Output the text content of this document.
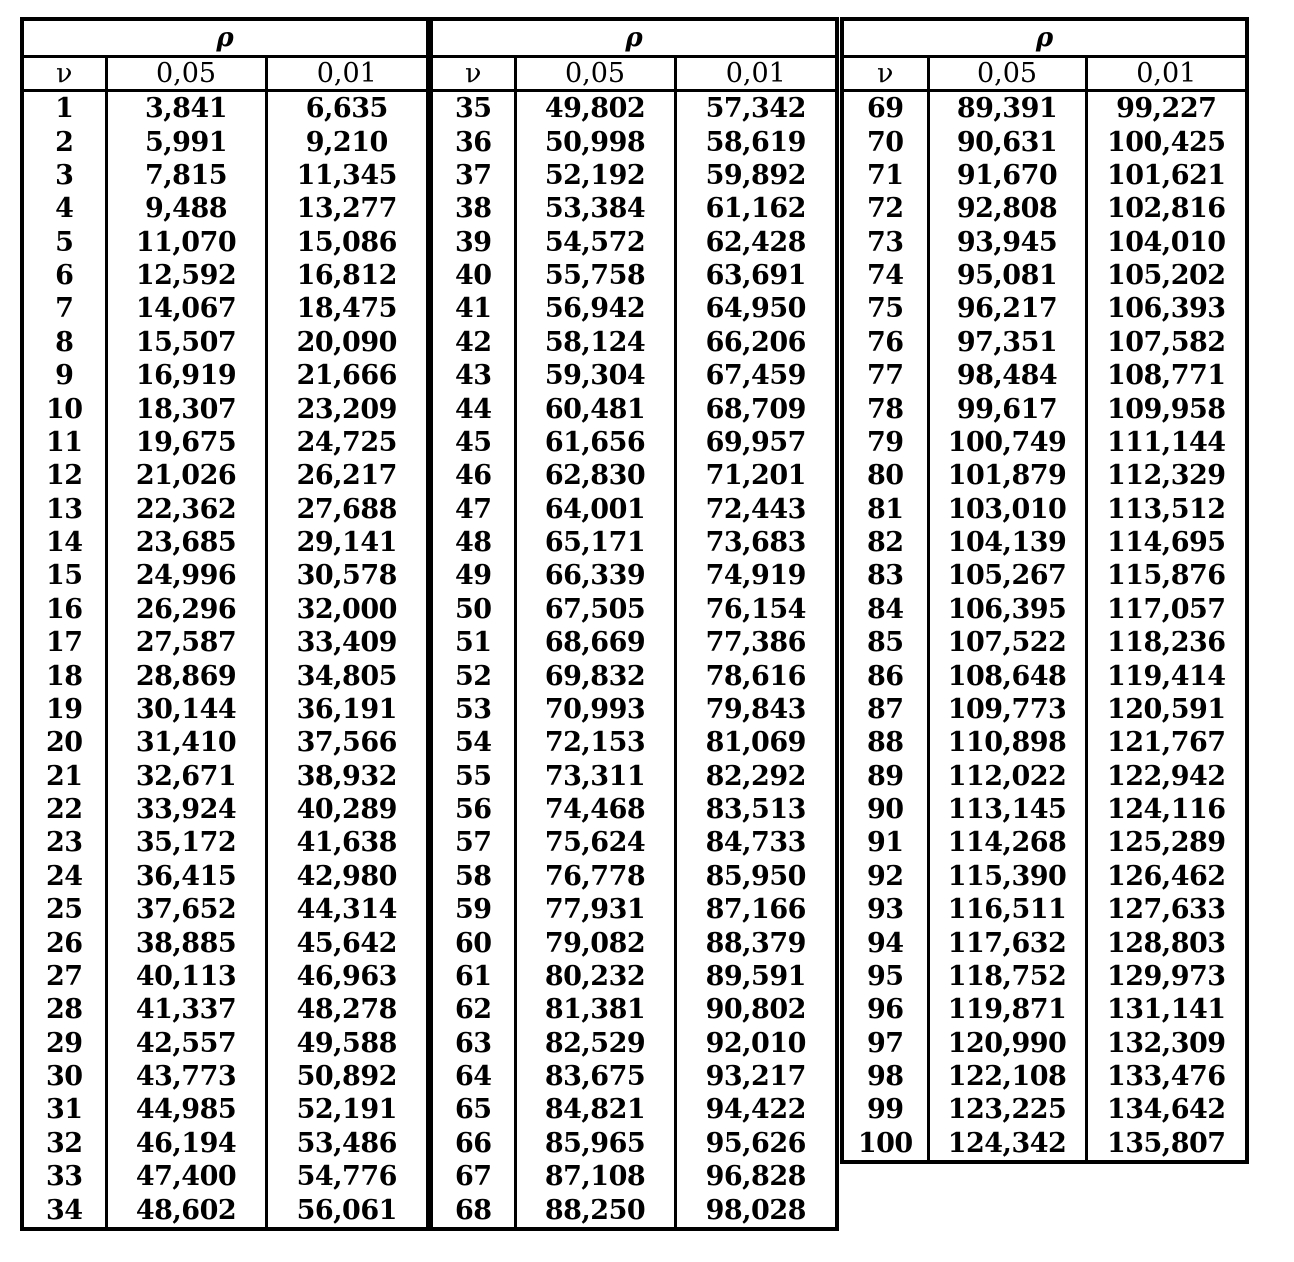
ρ		
ν	0,05	0,01
1	3,841	6,635
2	5,991	9,210
3	7,815	11,345
4	9,488	13,277
5	11,070	15,086
6	12,592	16,812
7	14,067	18,475
8	15,507	20,090
9	16,919	21,666
10	18,307	23,209
11	19,675	24,725
12	21,026	26,217
13	22,362	27,688
14	23,685	29,141
15	24,996	30,578
16	26,296	32,000
17	27,587	33,409
18	28,869	34,805
19	30,144	36,191
20	31,410	37,566
21	32,671	38,932
22	33,924	40,289
23	35,172	41,638
24	36,415	42,980
25	37,652	44,314
26	38,885	45,642
27	40,113	46,963
28	41,337	48,278
29	42,557	49,588
30	43,773	50,892
31	44,985	52,191
32	46,194	53,486
33	47,400	54,776
34	48,602	56,061
ρ		
ν	0,05	0,01
35	49,802	57,342
36	50,998	58,619
37	52,192	59,892
38	53,384	61,162
39	54,572	62,428
40	55,758	63,691
41	56,942	64,950
42	58,124	66,206
43	59,304	67,459
44	60,481	68,709
45	61,656	69,957
46	62,830	71,201
47	64,001	72,443
48	65,171	73,683
49	66,339	74,919
50	67,505	76,154
51	68,669	77,386
52	69,832	78,616
53	70,993	79,843
54	72,153	81,069
55	73,311	82,292
56	74,468	83,513
57	75,624	84,733
58	76,778	85,950
59	77,931	87,166
60	79,082	88,379
61	80,232	89,591
62	81,381	90,802
63	82,529	92,010
64	83,675	93,217
65	84,821	94,422
66	85,965	95,626
67	87,108	96,828
68	88,250	98,028
ρ		
ν	0,05	0,01
69	89,391	99,227
70	90,631	100,425
71	91,670	101,621
72	92,808	102,816
73	93,945	104,010
74	95,081	105,202
75	96,217	106,393
76	97,351	107,582
77	98,484	108,771
78	99,617	109,958
79	100,749	111,144
80	101,879	112,329
81	103,010	113,512
82	104,139	114,695
83	105,267	115,876
84	106,395	117,057
85	107,522	118,236
86	108,648	119,414
87	109,773	120,591
88	110,898	121,767
89	112,022	122,942
90	113,145	124,116
91	114,268	125,289
92	115,390	126,462
93	116,511	127,633
94	117,632	128,803
95	118,752	129,973
96	119,871	131,141
97	120,990	132,309
98	122,108	133,476
99	123,225	134,642
100	124,342	135,807
